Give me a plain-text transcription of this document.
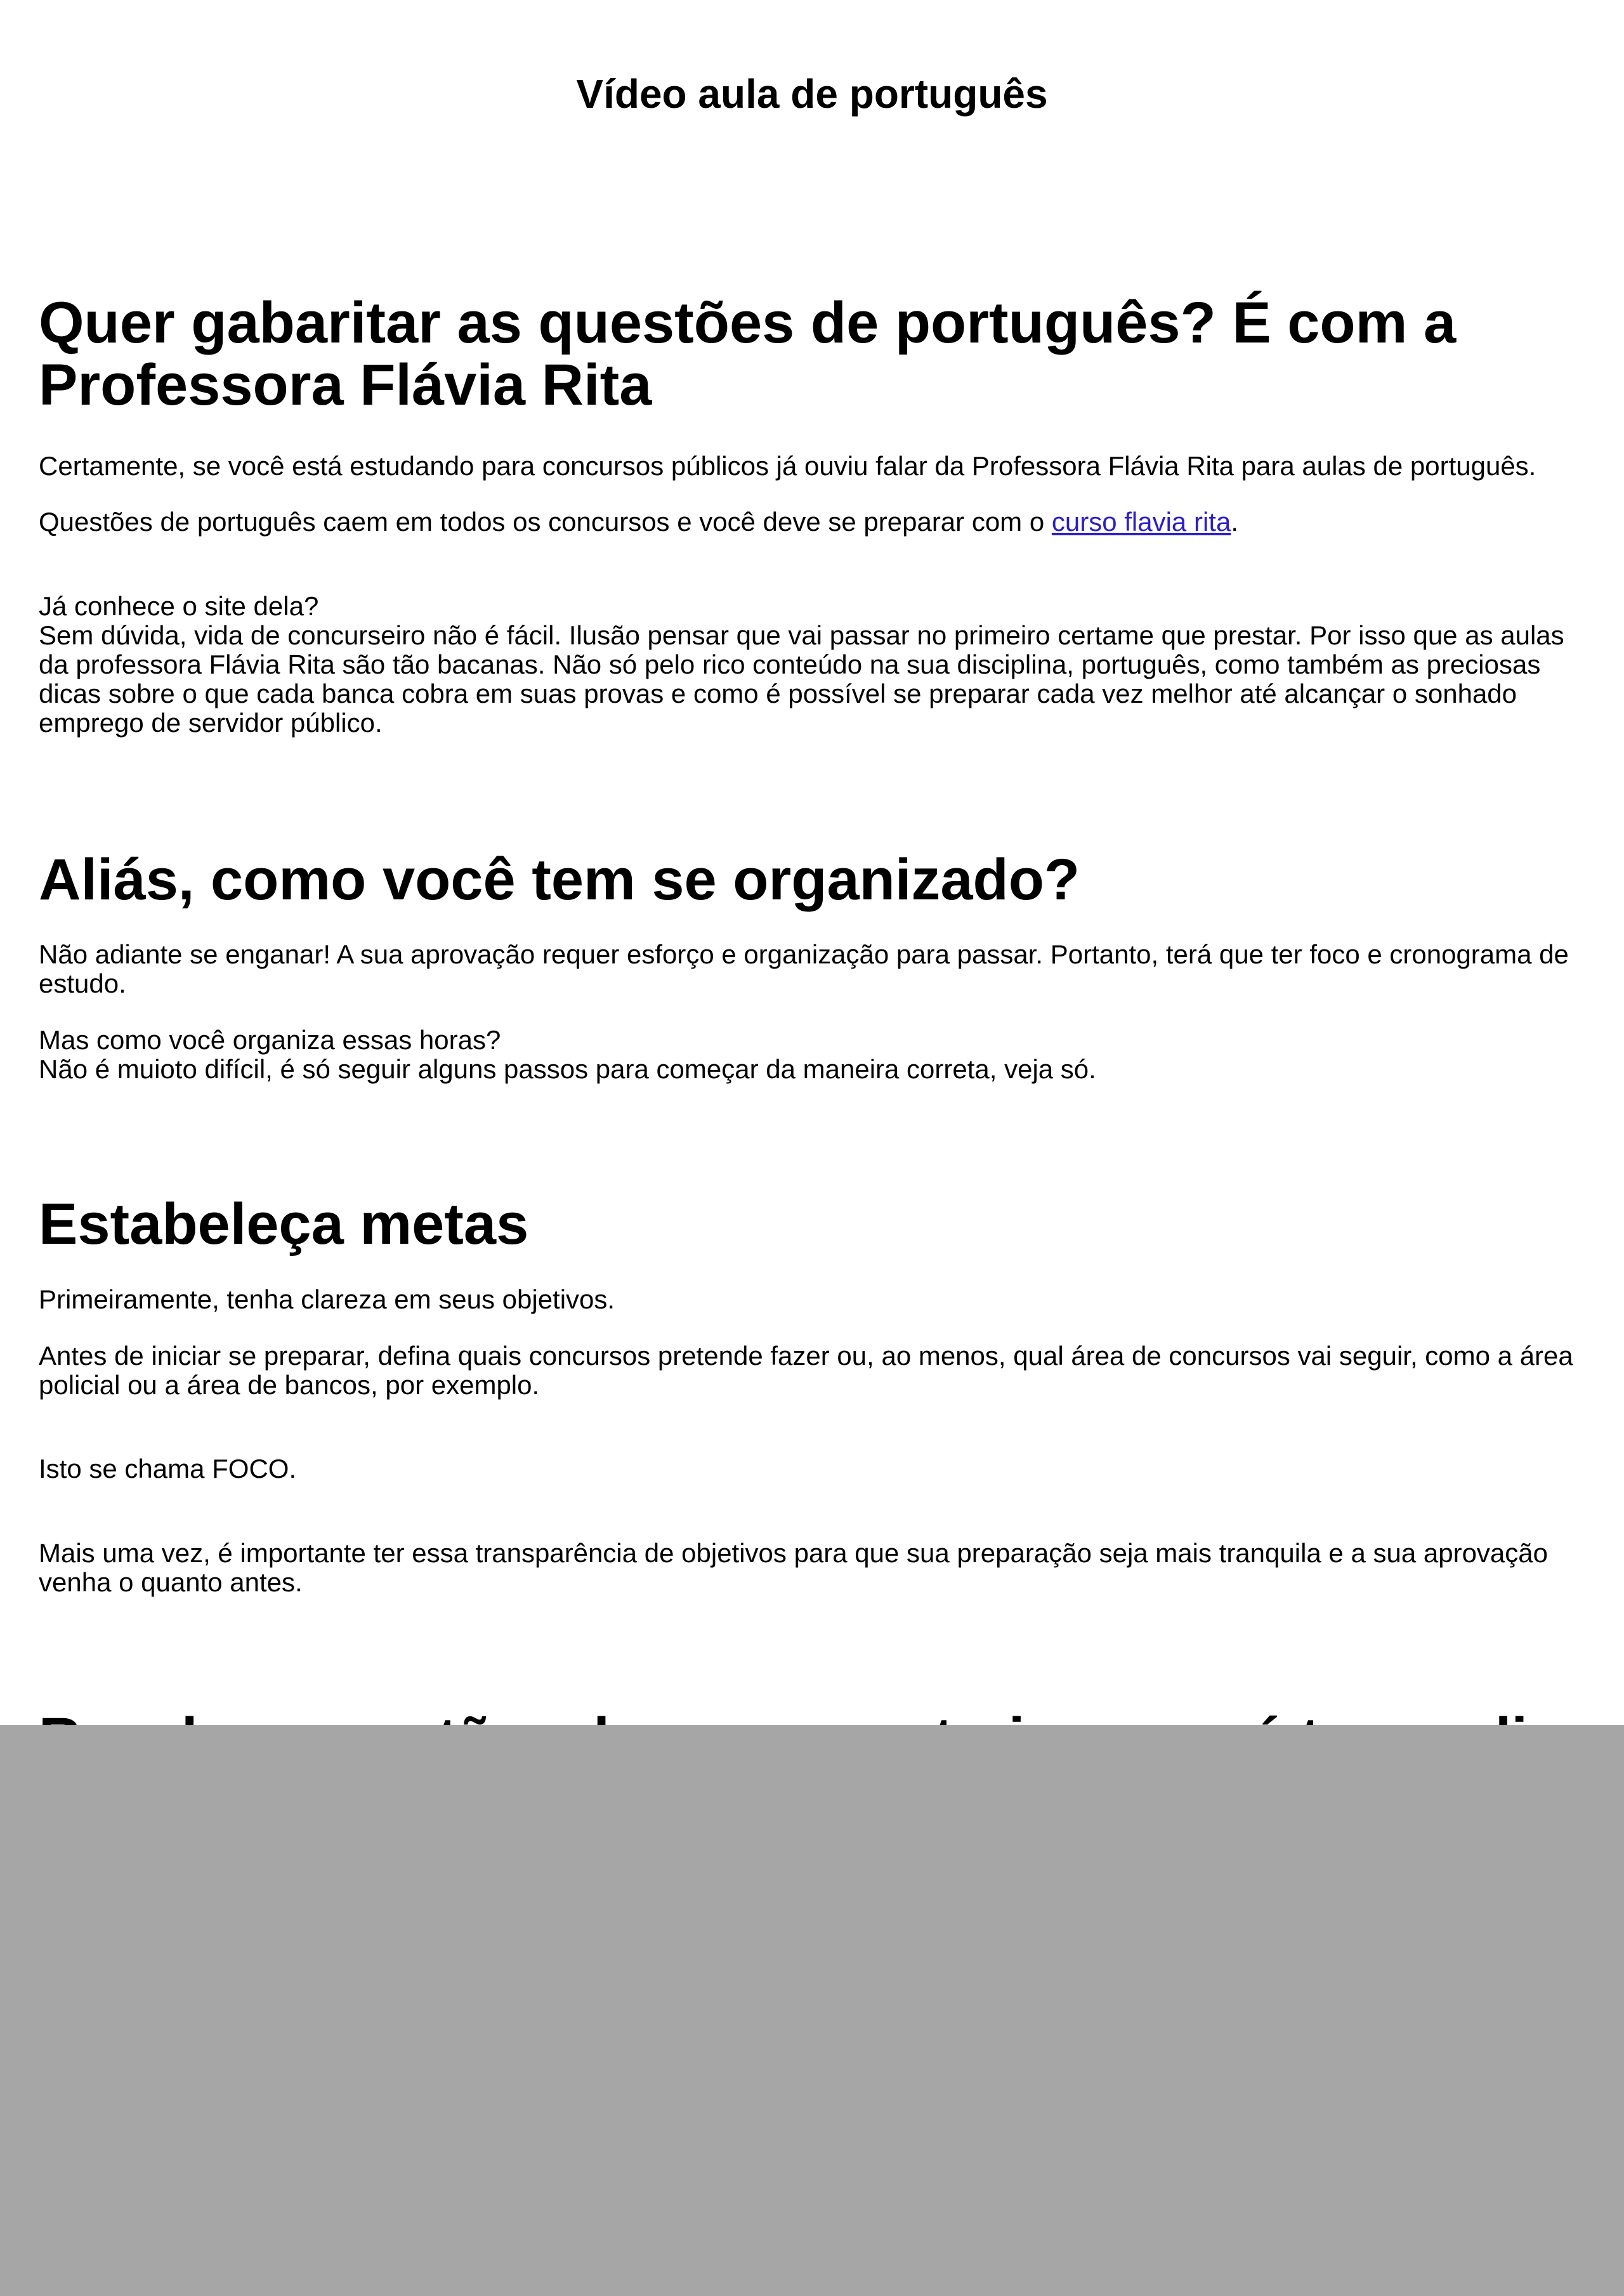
Vídeo aula de português
Quer gabaritar as questões de português? É com a Professora Flávia Rita

Certamente, se você está estudando para concursos públicos já ouviu falar da Professora Flávia Rita para aulas de português.

Questões de português caem em todos os concursos e você deve se preparar com o curso flavia rita.

Já conhece o site dela?
Sem dúvida, vida de concurseiro não é fácil. Ilusão pensar que vai passar no primeiro certame que prestar. Por isso que as aulas da professora Flávia Rita são tão bacanas. Não só pelo rico conteúdo na sua disciplina, português, como também as preciosas dicas sobre o que cada banca cobra em suas provas e como é possível se preparar cada vez melhor até alcançar o sonhado emprego de servidor público.

Aliás, como você tem se organizado?

Não adiante se enganar! A sua aprovação requer esforço e organização para passar. Portanto, terá que ter foco e cronograma de estudo.

Mas como você organiza essas horas?
Não é muioto difícil, é só seguir alguns passos para começar da maneira correta, veja só.

Estabeleça metas

Primeiramente, tenha clareza em seus objetivos.

Antes de iniciar se preparar, defina quais concursos pretende fazer ou, ao menos, qual área de concursos vai seguir, como a área policial ou a área de bancos, por exemplo.

Isto se chama FOCO.

Mais uma vez, é importante ter essa transparência de objetivos para que sua preparação seja mais tranquila e a sua aprovação venha o quanto antes.
